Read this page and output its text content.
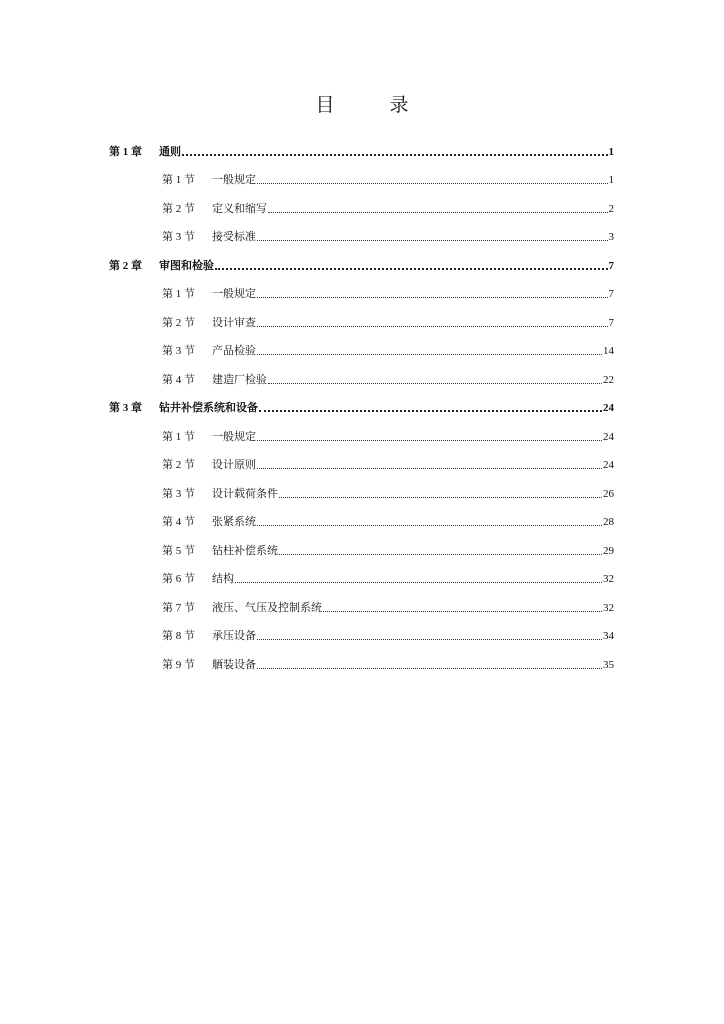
目　录
第 1 章	通则	1
第 1 节	一般规定	1
第 2 节	定义和缩写	2
第 3 节	接受标准	3
第 2 章	审图和检验	7
第 1 节	一般规定	7
第 2 节	设计审查	7
第 3 节	产品检验	14
第 4 节	建造厂检验	22
第 3 章	钻井补偿系统和设备	24
第 1 节	一般规定	24
第 2 节	设计原则	24
第 3 节	设计载荷条件	26
第 4 节	张紧系统	28
第 5 节	钻柱补偿系统	29
第 6 节	结构	32
第 7 节	液压、气压及控制系统	32
第 8 节	承压设备	34
第 9 节	舾装设备	35
